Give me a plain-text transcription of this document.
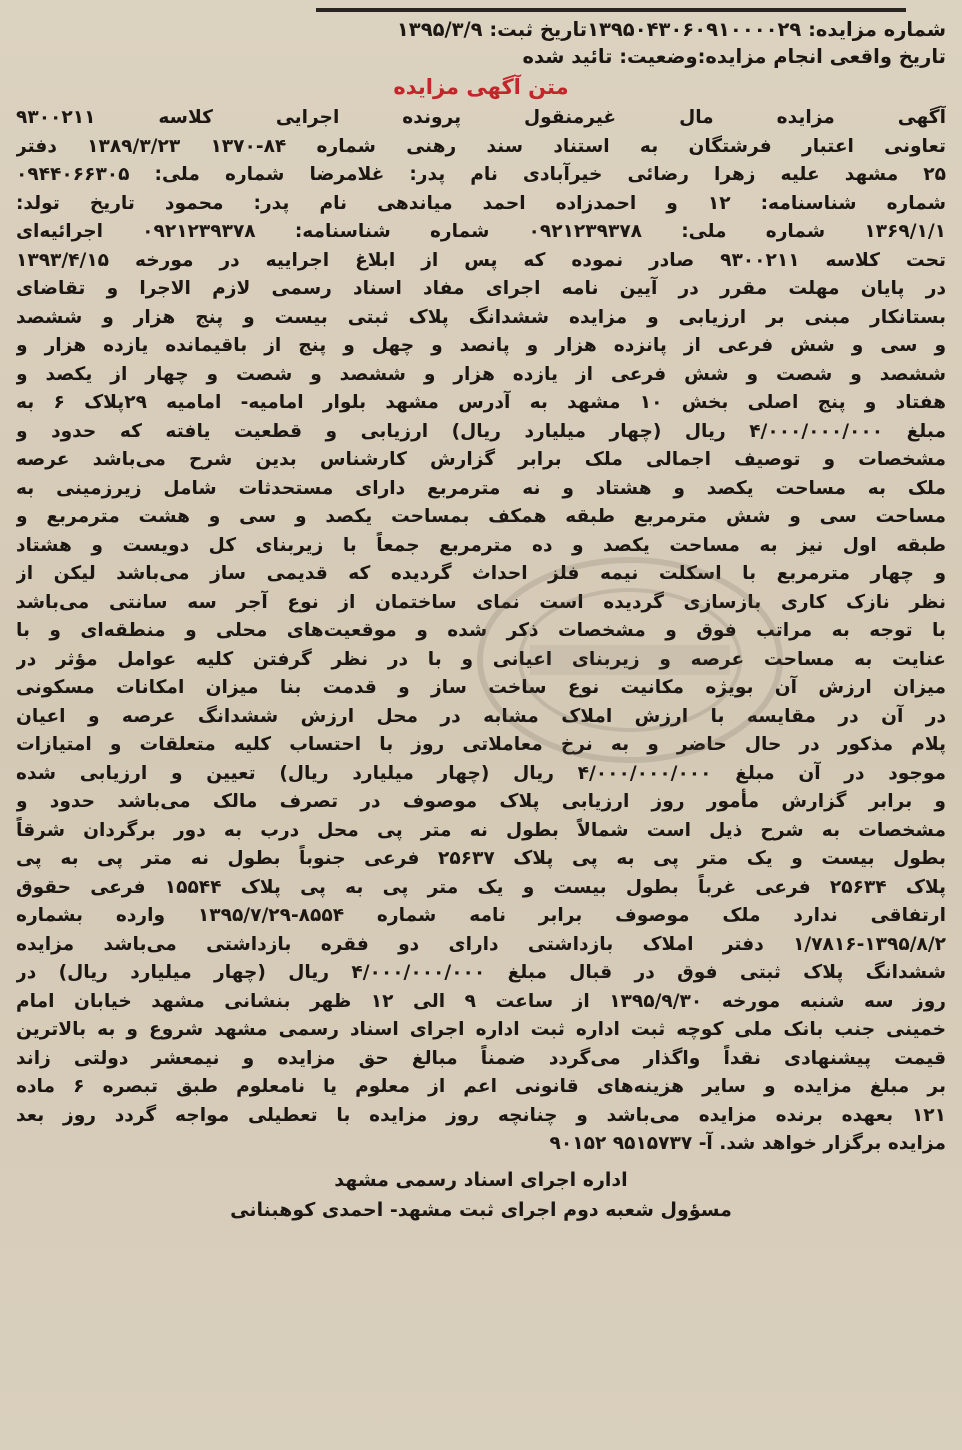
شماره مزایده: ۱۳۹۵۰۴۳۰۶۰۹۱۰۰۰۰۲۹تاریخ ثبت: ۱۳۹۵/۳/۹
تاریخ واقعی انجام مزایده:وضعیت: تائید شده
متن آگهی مزایده
آگهی مزایده مال غیرمنقول پرونده اجرایی کلاسه ۹۳۰۰۲۱۱
تعاونی اعتبار فرشتگان به استناد سند رهنی شماره ۸۴-۱۳۷۰ ۱۳۸۹/۳/۲۳ دفتر
۲۵ مشهد علیه زهرا رضائی خیرآبادی نام پدر: غلامرضا شماره ملی: ۰۹۴۴۰۶۶۳۰۵
شماره شناسنامه: ۱۲ و احمدزاده احمد میاندهی نام پدر: محمود تاریخ تولد:
۱۳۶۹/۱/۱ شماره ملی: ۰۹۲۱۲۳۹۳۷۸ شماره شناسنامه: ۰۹۲۱۲۳۹۳۷۸ اجرائیه‌ای
تحت کلاسه ۹۳۰۰۲۱۱ صادر نموده که پس از ابلاغ اجراییه در مورخه ۱۳۹۳/۴/۱۵
در پایان مهلت مقرر در آیین نامه اجرای مفاد اسناد رسمی لازم الاجرا و تقاضای
بستانکار مبنی بر ارزیابی و مزایده ششدانگ پلاک ثبتی بیست و پنج هزار و ششصد
و سی و شش فرعی از پانزده هزار و پانصد و چهل و پنج از باقیمانده یازده هزار و
ششصد و شصت و شش فرعی از یازده هزار و ششصد و شصت و چهار از یکصد و
هفتاد و پنج اصلی بخش ۱۰ مشهد به آدرس مشهد بلوار امامیه- امامیه ۲۹پلاک ۶ به
مبلغ ۴/۰۰۰/۰۰۰/۰۰۰ ریال (چهار میلیارد ریال) ارزیابی و قطعیت یافته که حدود و
مشخصات و توصیف اجمالی ملک برابر گزارش کارشناس بدین شرح می‌باشد عرصه
ملک به مساحت یکصد و هشتاد و نه مترمربع دارای مستحدثات شامل زیرزمینی به
مساحت سی و شش مترمربع طبقه همکف بمساحت یکصد و سی و هشت مترمربع و
طبقه اول نیز به مساحت یکصد و ده مترمربع جمعاً با زیربنای کل دویست و هشتاد
و چهار مترمربع با اسکلت نیمه فلز احداث گردیده که قدیمی ساز می‌باشد لیکن از
نظر نازک کاری بازسازی گردیده است نمای ساختمان از نوع آجر سه سانتی می‌باشد
با توجه به مراتب فوق و مشخصات ذکر شده و موقعیت‌های محلی و منطقه‌ای و با
عنایت به مساحت عرصه و زیربنای اعیانی و با در نظر گرفتن کلیه عوامل مؤثر در
میزان ارزش آن بویژه مکانیت نوع ساخت ساز و قدمت بنا میزان امکانات مسکونی
در آن در مقایسه با ارزش املاک مشابه در محل ارزش ششدانگ عرصه و اعیان
پلام مذکور در حال حاضر و به نرخ معاملاتی روز با احتساب کلیه متعلقات و امتیازات
موجود در آن مبلغ ۴/۰۰۰/۰۰۰/۰۰۰ ریال (چهار میلیارد ریال) تعیین و ارزیابی شده
و برابر گزارش مأمور روز ارزیابی پلاک موصوف در تصرف مالک می‌باشد حدود و
مشخصات به شرح ذیل است شمالاً بطول نه متر پی محل درب به دور برگردان شرقاً
بطول بیست و یک متر پی به پی پلاک ۲۵۶۳۷ فرعی جنوباً بطول نه متر پی به پی
پلاک ۲۵۶۳۴ فرعی غرباً بطول بیست و یک متر پی به پی پلاک ۱۵۵۴۴ فرعی حقوق
ارتفاقی ندارد ملک موصوف برابر نامه شماره ۸۵۵۴-۱۳۹۵/۷/۲۹ وارده بشماره
۱/۷۸۱۶-۱۳۹۵/۸/۲ دفتر املاک بازداشتی دارای دو فقره بازداشتی می‌باشد مزایده
ششدانگ پلاک ثبتی فوق در قبال مبلغ ۴/۰۰۰/۰۰۰/۰۰۰ ریال (چهار میلیارد ریال) در
روز سه شنبه مورخه ۱۳۹۵/۹/۳۰ از ساعت ۹ الی ۱۲ ظهر بنشانی مشهد خیابان امام
خمینی جنب بانک ملی کوچه ثبت اداره ثبت اداره اجرای اسناد رسمی مشهد شروع و به بالاترین
قیمت پیشنهادی نقداً واگذار می‌گردد ضمناً مبالغ حق مزایده و نیمعشر دولتی زاند
بر مبلغ مزایده و سایر هزینه‌های قانونی اعم از معلوم یا نامعلوم طبق تبصره ۶ ماده
۱۲۱ بعهده برنده مزایده می‌باشد و چنانچه روز مزایده با تعطیلی مواجه گردد روز بعد
مزایده برگزار خواهد شد. آ- ۹۵۱۵۷۳۷ ۹۰۱۵۲
اداره اجرای اسناد رسمی مشهد
مسؤول شعبه دوم اجرای ثبت مشهد- احمدی کوهبنانی
